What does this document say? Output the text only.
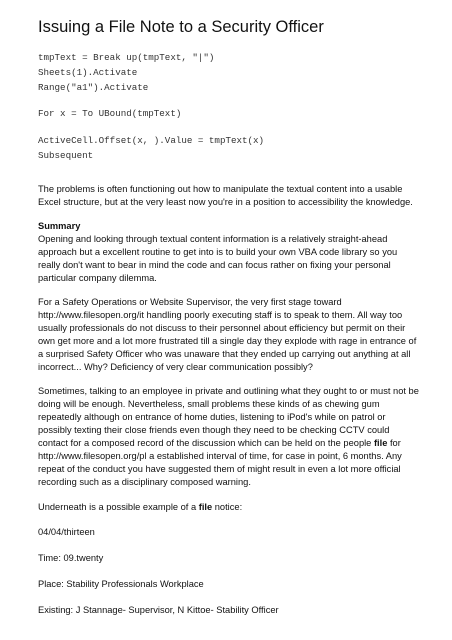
Issuing a File Note to a Security Officer
tmpText = Break up(tmpText, "|")
Sheets(1).Activate
Range("a1").Activate
For x = To UBound(tmpText)
ActiveCell.Offset(x, ).Value = tmpText(x)
Subsequent
The problems is often functioning out how to manipulate the textual content into a usable
Excel structure, but at the very least now you're in a position to accessibility the knowledge.
Summary
Opening and looking through textual content information is a relatively straight-ahead
approach but a excellent routine to get into is to build your own VBA code library so you
really don't want to bear in mind the code and can focus rather on fixing your personal
particular company dilemma.
For a Safety Operations or Website Supervisor, the very first stage toward
http://www.filesopen.org/it handling poorly executing staff is to speak to them. All way too
usually professionals do not discuss to their personnel about efficiency but permit on their
own get more and a lot more frustrated till a single day they explode with rage in entrance of
a surprised Safety Officer who was unaware that they ended up carrying out anything at all
incorrect... Why? Deficiency of very clear communication possibly?
Sometimes, talking to an employee in private and outlining what they ought to or must not be
doing will be enough. Nevertheless, small problems these kinds of as chewing gum
repeatedly although on entrance of home duties, listening to iPod's while on patrol or
possibly texting their close friends even though they need to be checking CCTV could
contact for a composed record of the discussion which can be held on the people file for
http://www.filesopen.org/pl a established interval of time, for case in point, 6 months. Any
repeat of the conduct you have suggested them of might result in even a lot more official
recording such as a disciplinary composed warning.
Underneath is a possible example of a file notice:
04/04/thirteen
Time: 09.twenty
Place: Stability Professionals Workplace
Existing: J Stannage- Supervisor, N Kittoe- Stability Officer
